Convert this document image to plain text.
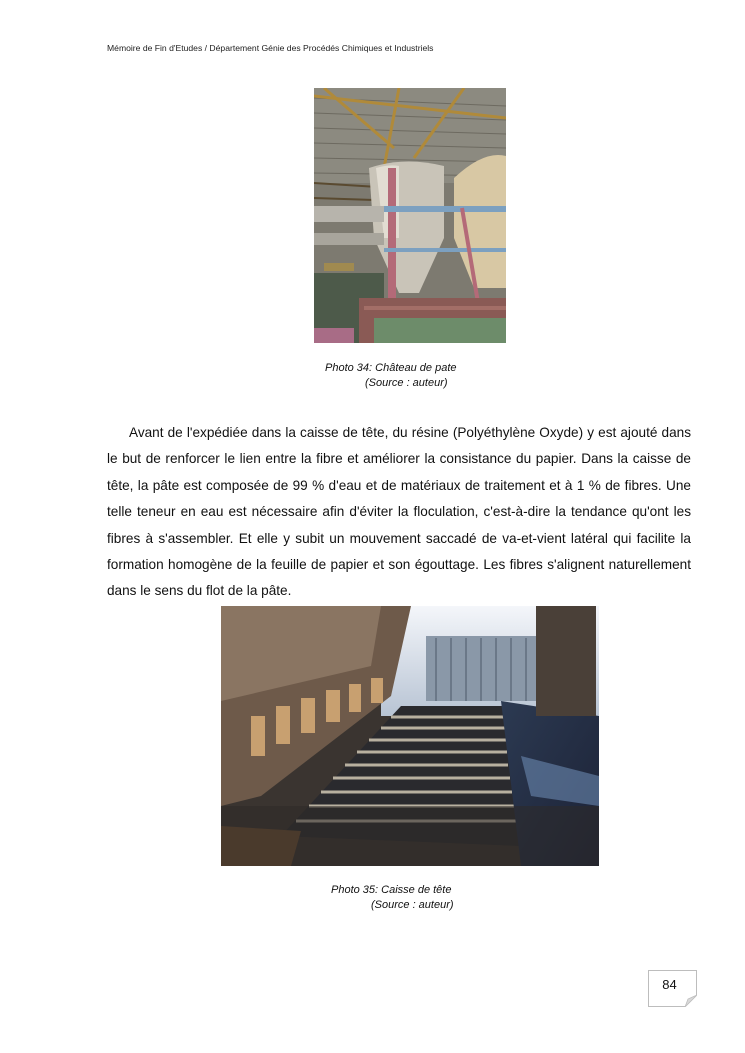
Mémoire de Fin d'Etudes / Département Génie des Procédés Chimiques et Industriels
Photo 34: Château de pate
(Source : auteur)

Avant de l'expédiée dans la caisse de tête, du résine (Polyéthylène Oxyde) y est ajouté dans le but de renforcer le lien entre la fibre et améliorer la consistance du papier. Dans la caisse de tête, la pâte est composée de 99 % d'eau et de matériaux de traitement et à 1 % de fibres. Une telle teneur en eau est nécessaire afin d'éviter la floculation, c'est-à-dire la tendance qu'ont les fibres à s'assembler. Et elle y subit un mouvement saccadé de va-et-vient latéral qui facilite la formation homogène de la feuille de papier et son égouttage. Les fibres s'alignent naturellement dans le sens du flot de la pâte.

Photo 35: Caisse de tête
(Source : auteur)
84
